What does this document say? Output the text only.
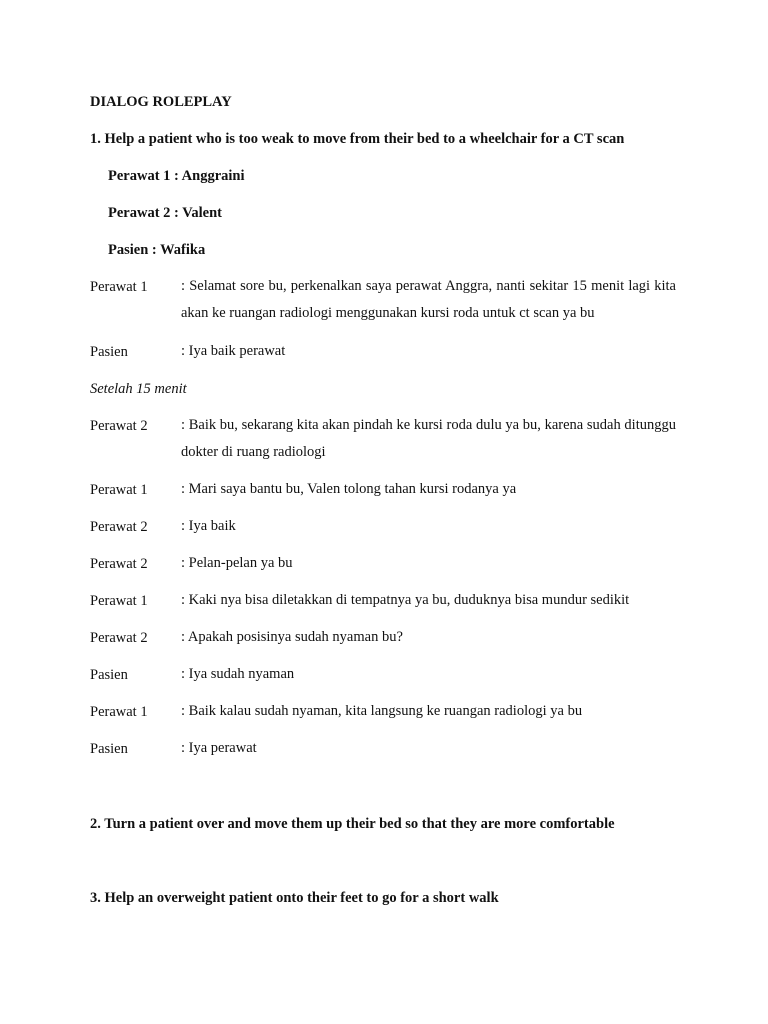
DIALOG ROLEPLAY
1. Help a patient who is too weak to move from their bed to a wheelchair for a CT scan
Perawat 1 : Anggraini
Perawat 2 : Valent
Pasien : Wafika
Perawat 1 : Selamat sore bu, perkenalkan saya perawat Anggra, nanti sekitar 15 menit lagi kita akan ke ruangan radiologi menggunakan kursi roda untuk ct scan ya bu
Pasien	: Iya baik perawat
Setelah 15 menit
Perawat 2 : Baik bu, sekarang kita akan pindah ke kursi roda dulu ya bu, karena sudah ditunggu dokter di ruang radiologi
Perawat 1 : Mari saya bantu bu, Valen tolong tahan kursi rodanya ya
Perawat 2 : Iya baik
Perawat 2 : Pelan-pelan ya bu
Perawat 1 : Kaki nya bisa diletakkan di tempatnya ya bu, duduknya bisa mundur sedikit
Perawat 2 : Apakah posisinya sudah nyaman bu?
Pasien	: Iya sudah nyaman
Perawat 1 : Baik kalau sudah nyaman, kita langsung ke ruangan radiologi ya bu
Pasien	: Iya perawat
2. Turn a patient over and move them up their bed so that they are more comfortable
3. Help an overweight patient onto their feet to go for a short walk
